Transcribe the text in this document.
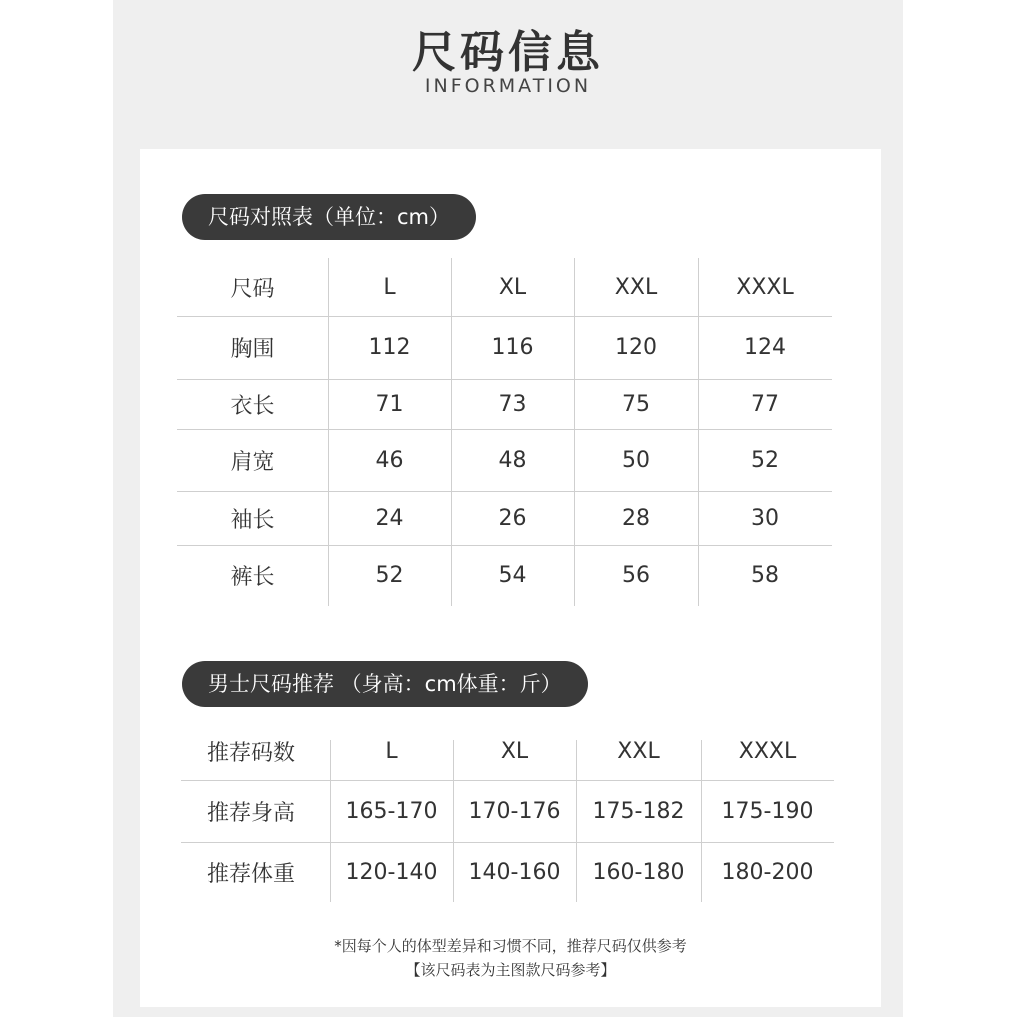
尺码信息
INFORMATION
尺码对照表（单位：cm）
尺码	L	XL	XXL	XXXL
胸围	112	116	120	124
衣长	71	73	75	77
肩宽	46	48	50	52
袖长	24	26	28	30
裤长	52	54	56	58
男士尺码推荐 （身高：cm体重：斤）
推荐码数	L	XL	XXL	XXXL
推荐身高	165-170	170-176	175-182	175-190
推荐体重	120-140	140-160	160-180	180-200
*因每个人的体型差异和习惯不同，推荐尺码仅供参考
【该尺码表为主图款尺码参考】
